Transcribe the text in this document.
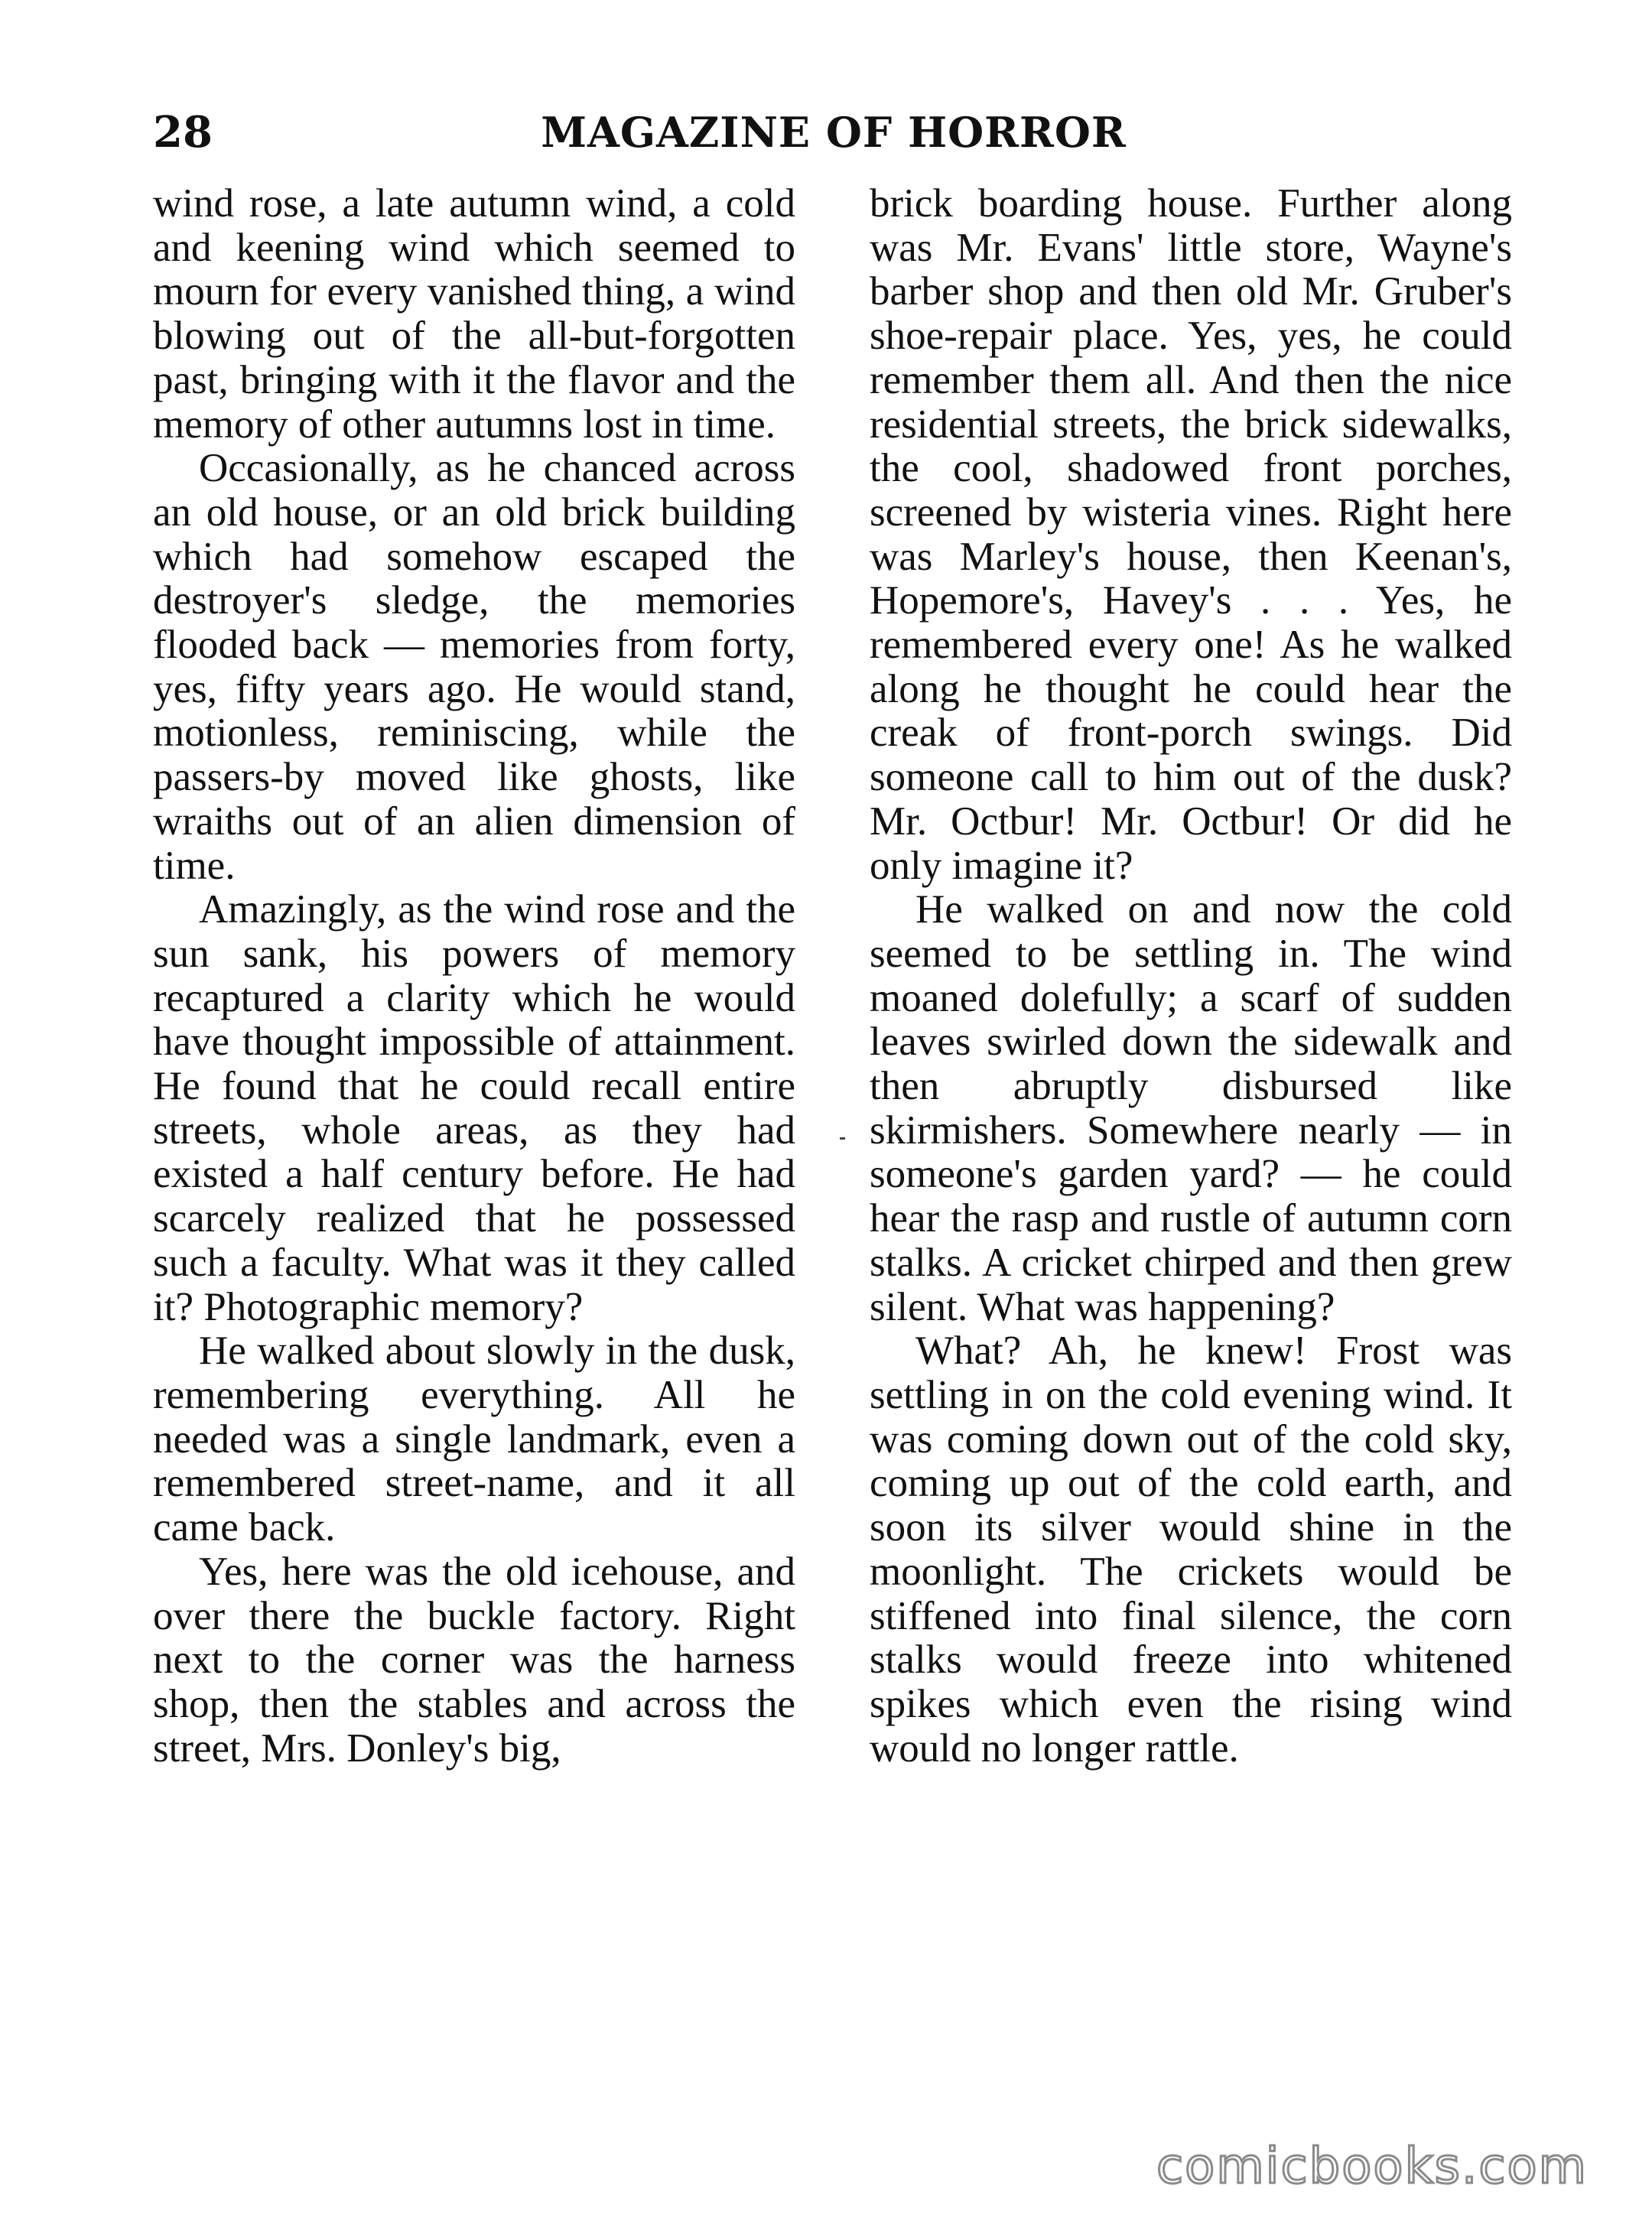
28	MAGAZINE OF HORROR

wind rose, a late autumn wind, a cold and keening wind which seemed to mourn for every vanished thing, a wind blowing out of the all-but-forgotten past, bringing with it the flavor and the memory of other autumns lost in time.

Occasionally, as he chanced across an old house, or an old brick building which had somehow escaped the destroyer's sledge, the memories flooded back — memories from forty, yes, fifty years ago. He would stand, motionless, reminiscing, while the passers-by moved like ghosts, like wraiths out of an alien dimension of time.

Amazingly, as the wind rose and the sun sank, his powers of memory recaptured a clarity which he would have thought impossible of attainment. He found that he could recall entire streets, whole areas, as they had existed a half century before. He had scarcely realized that he possessed such a faculty. What was it they called it? Photographic memory?

He walked about slowly in the dusk, remembering everything. All he needed was a single landmark, even a remembered street-name, and it all came back.

Yes, here was the old icehouse, and over there the buckle factory. Right next to the corner was the harness shop, then the stables and across the street, Mrs. Donley's big,

brick boarding house. Further along was Mr. Evans' little store, Wayne's barber shop and then old Mr. Gruber's shoe-repair place. Yes, yes, he could remember them all. And then the nice residential streets, the brick sidewalks, the cool, shadowed front porches, screened by wisteria vines. Right here was Marley's house, then Keenan's, Hopemore's, Havey's . . . Yes, he remembered every one! As he walked along he thought he could hear the creak of front-porch swings. Did someone call to him out of the dusk? Mr. Octbur! Mr. Octbur! Or did he only imagine it?

He walked on and now the cold seemed to be settling in. The wind moaned dolefully; a scarf of sudden leaves swirled down the sidewalk and then abruptly disbursed like skirmishers. Somewhere nearly — in someone's garden yard? — he could hear the rasp and rustle of autumn corn stalks. A cricket chirped and then grew silent. What was happening?

What? Ah, he knew! Frost was settling in on the cold evening wind. It was coming down out of the cold sky, coming up out of the cold earth, and soon its silver would shine in the moonlight. The crickets would be stiffened into final silence, the corn stalks would freeze into whitened spikes which even the rising wind would no longer rattle.

comicbooks.com
